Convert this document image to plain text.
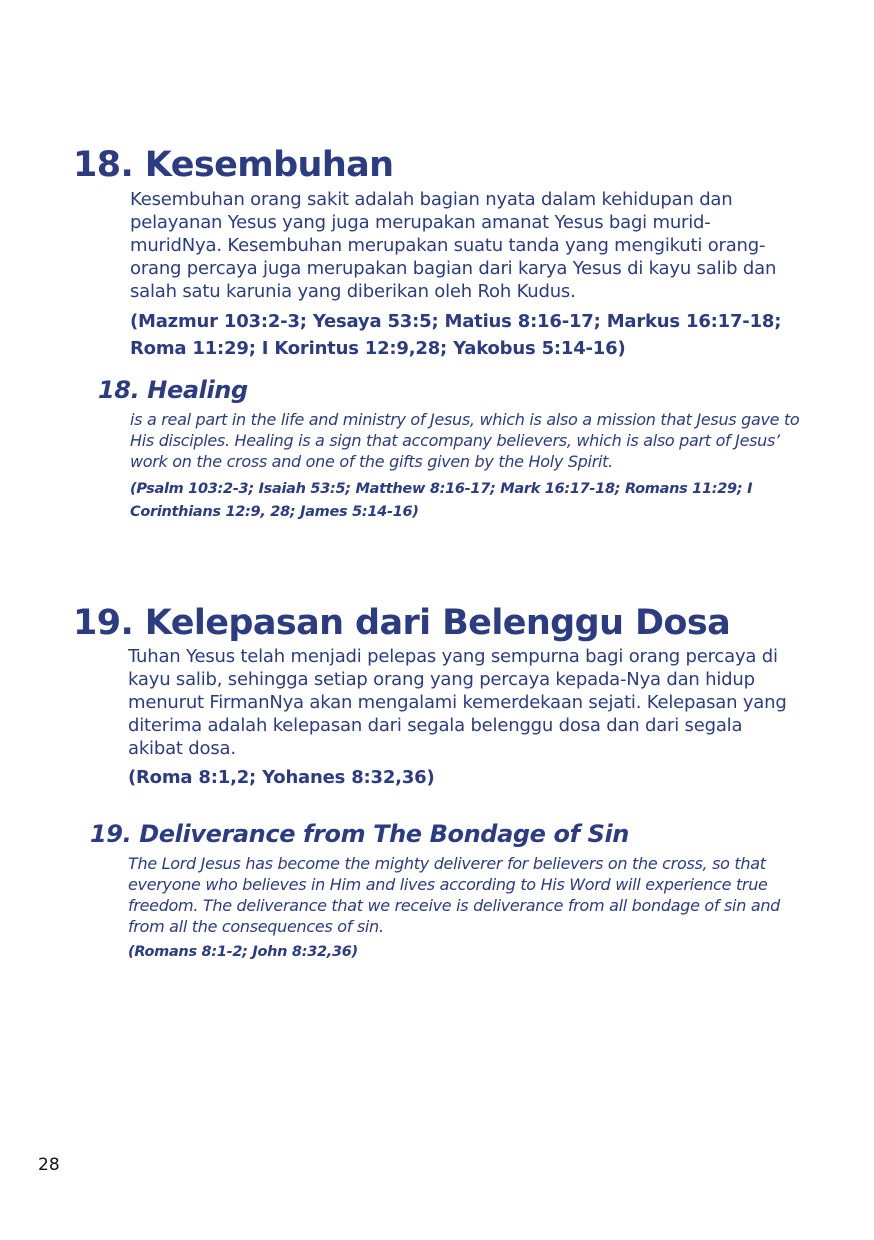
18. Kesembuhan
Kesembuhan orang sakit adalah bagian nyata dalam kehidupan dan pelayanan Yesus yang juga merupakan amanat Yesus bagi murid-muridNya. Kesembuhan merupakan suatu tanda yang mengikuti orang-orang percaya juga merupakan bagian dari karya Yesus di kayu salib dan salah satu karunia yang diberikan oleh Roh Kudus.
(Mazmur 103:2-3; Yesaya 53:5; Matius 8:16-17; Markus 16:17-18; Roma 11:29; I Korintus 12:9,28; Yakobus 5:14-16)
18. Healing
is a real part in the life and ministry of Jesus, which is also a mission that Jesus gave to His disciples. Healing is a sign that accompany believers, which is also part of Jesus’ work on the cross and one of the gifts given by the Holy Spirit.
(Psalm 103:2-3; Isaiah 53:5; Matthew 8:16-17; Mark 16:17-18; Romans 11:29; I Corinthians 12:9, 28; James 5:14-16)
19. Kelepasan dari Belenggu Dosa
Tuhan Yesus telah menjadi pelepas yang sempurna bagi orang percaya di kayu salib, sehingga setiap orang yang percaya kepada-Nya dan hidup menurut FirmanNya akan mengalami kemerdekaan sejati. Kelepasan yang diterima adalah kelepasan dari segala belenggu dosa dan dari segala akibat dosa.
(Roma 8:1,2; Yohanes 8:32,36)
19. Deliverance from The Bondage of Sin
The Lord Jesus has become the mighty deliverer for believers on the cross, so that everyone who believes in Him and lives according to His Word will experience true freedom. The deliverance that we receive is deliverance from all bondage of sin and from all the consequences of sin.
(Romans 8:1-2; John 8:32,36)
28
